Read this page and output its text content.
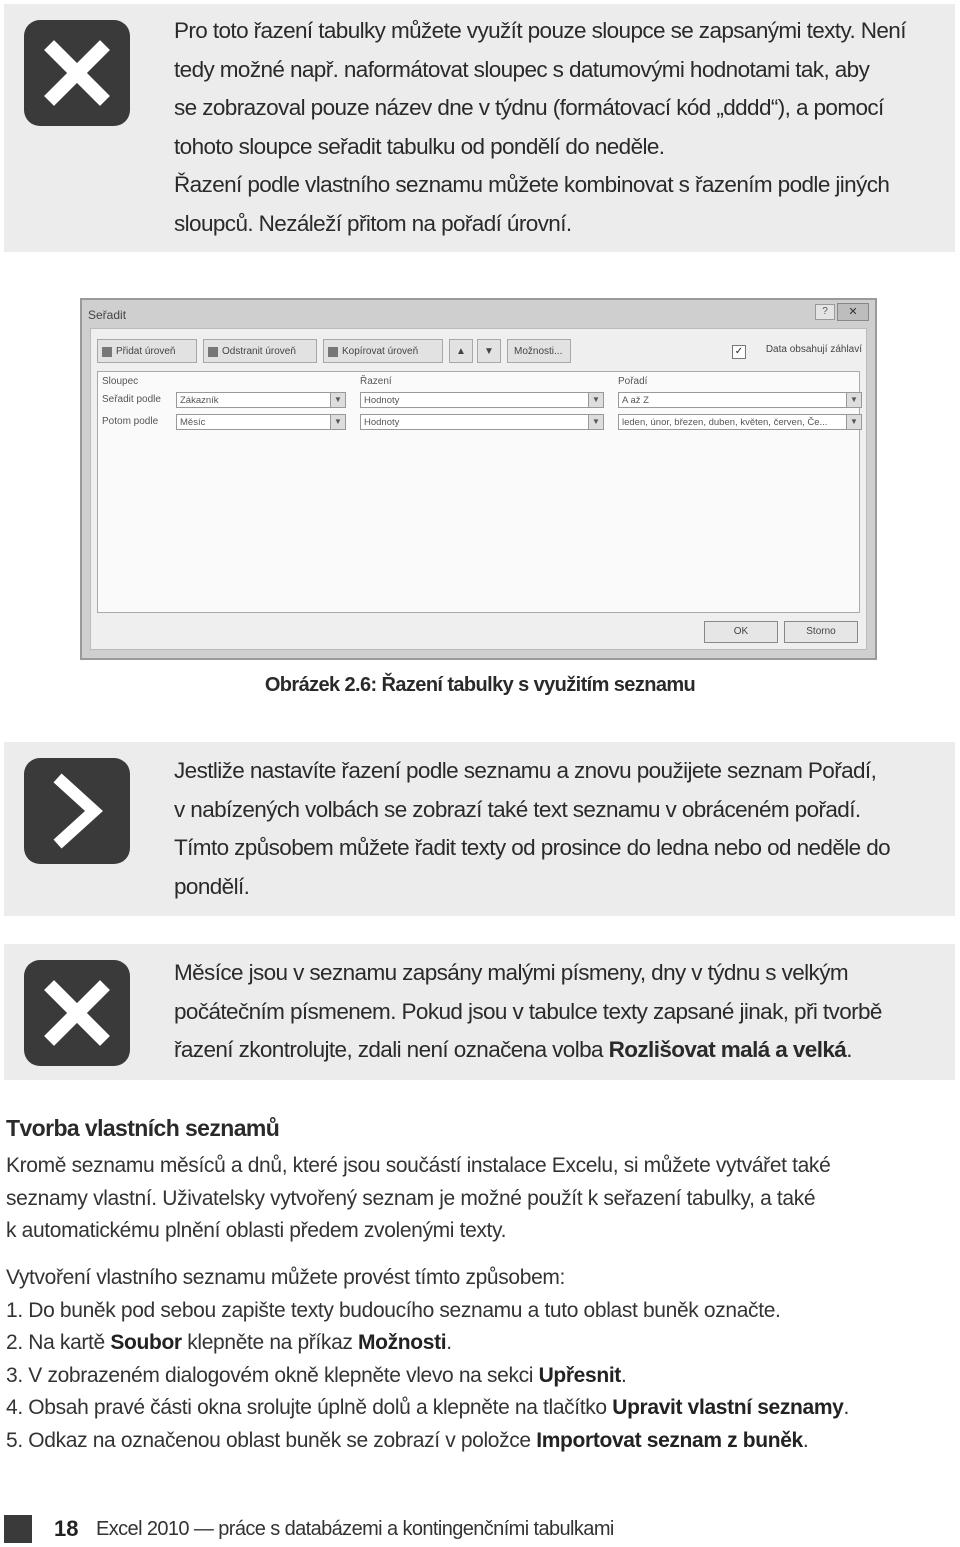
Pro toto řazení tabulky můžete využít pouze sloupce se zapsanými texty. Není
tedy možné např. naformátovat sloupec s datumovými hodnotami tak, aby
se zobrazoval pouze název dne v týdnu (formátovací kód „dddd“), a pomocí
tohoto sloupce seřadit tabulku od pondělí do neděle.
Řazení podle vlastního seznamu můžete kombinovat s řazením podle jiných
sloupců. Nezáleží přitom na pořadí úrovní.
Seřadit	?	✕
Přidat úroveň	Odstranit úroveň	Kopírovat úroveň	▲	▼	Možnosti...	✓ Data obsahují záhlaví
Sloupec	Řazení	Pořadí
Seřadit podle	Zákazník	▼	Hodnoty	▼	A až Z	▼
Potom podle	Měsíc	▼	Hodnoty	▼	leden, únor, březen, duben, květen, červen, Če...	▼
OK	Storno
Obrázek 2.6: Řazení tabulky s využitím seznamu
Jestliže nastavíte řazení podle seznamu a znovu použijete seznam Pořadí,
v nabízených volbách se zobrazí také text seznamu v obráceném pořadí.
Tímto způsobem můžete řadit texty od prosince do ledna nebo od neděle do
pondělí.
Měsíce jsou v seznamu zapsány malými písmeny, dny v týdnu s velkým
počátečním písmenem. Pokud jsou v tabulce texty zapsané jinak, při tvorbě
řazení zkontrolujte, zdali není označena volba Rozlišovat malá a velká.
Tvorba vlastních seznamů
Kromě seznamu měsíců a dnů, které jsou součástí instalace Excelu, si můžete vytvářet také
seznamy vlastní. Uživatelsky vytvořený seznam je možné použít k seřazení tabulky, a také
k automatickému plnění oblasti předem zvolenými texty.
Vytvoření vlastního seznamu můžete provést tímto způsobem:
1. Do buněk pod sebou zapište texty budoucího seznamu a tuto oblast buněk označte.
2. Na kartě Soubor klepněte na příkaz Možnosti.
3. V zobrazeném dialogovém okně klepněte vlevo na sekci Upřesnit.
4. Obsah pravé části okna srolujte úplně dolů a klepněte na tlačítko Upravit vlastní seznamy.
5. Odkaz na označenou oblast buněk se zobrazí v položce Importovat seznam z buněk.
18 Excel 2010 — práce s databázemi a kontingenčními tabulkami
